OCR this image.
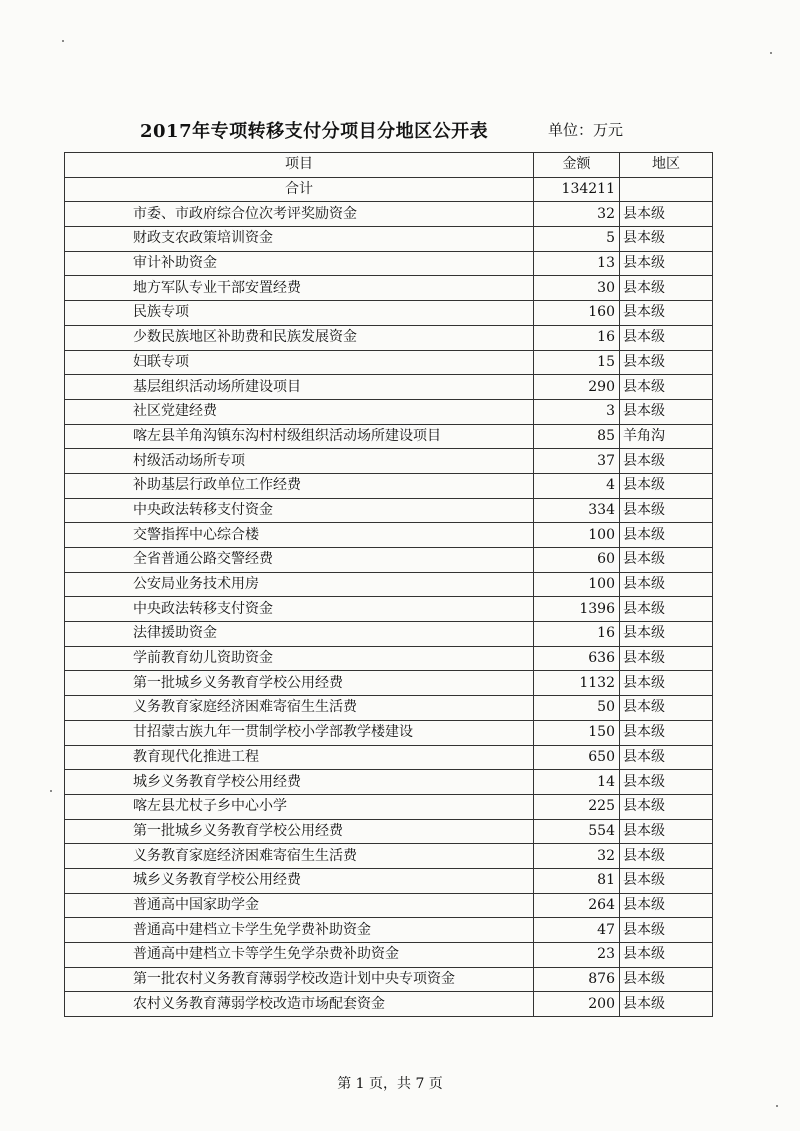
2017年专项转移支付分项目分地区公开表	单位：万元
项目	金额	地区
合计	134211	
市委、市政府综合位次考评奖励资金	32	县本级
财政支农政策培训资金	5	县本级
审计补助资金	13	县本级
地方军队专业干部安置经费	30	县本级
民族专项	160	县本级
少数民族地区补助费和民族发展资金	16	县本级
妇联专项	15	县本级
基层组织活动场所建设项目	290	县本级
社区党建经费	3	县本级
喀左县羊角沟镇东沟村村级组织活动场所建设项目	85	羊角沟
村级活动场所专项	37	县本级
补助基层行政单位工作经费	4	县本级
中央政法转移支付资金	334	县本级
交警指挥中心综合楼	100	县本级
全省普通公路交警经费	60	县本级
公安局业务技术用房	100	县本级
中央政法转移支付资金	1396	县本级
法律援助资金	16	县本级
学前教育幼儿资助资金	636	县本级
第一批城乡义务教育学校公用经费	1132	县本级
义务教育家庭经济困难寄宿生生活费	50	县本级
甘招蒙古族九年一贯制学校小学部教学楼建设	150	县本级
教育现代化推进工程	650	县本级
城乡义务教育学校公用经费	14	县本级
喀左县尤杖子乡中心小学	225	县本级
第一批城乡义务教育学校公用经费	554	县本级
义务教育家庭经济困难寄宿生生活费	32	县本级
城乡义务教育学校公用经费	81	县本级
普通高中国家助学金	264	县本级
普通高中建档立卡学生免学费补助资金	47	县本级
普通高中建档立卡等学生免学杂费补助资金	23	县本级
第一批农村义务教育薄弱学校改造计划中央专项资金	876	县本级
农村义务教育薄弱学校改造市场配套资金	200	县本级
第 1 页，共 7 页
